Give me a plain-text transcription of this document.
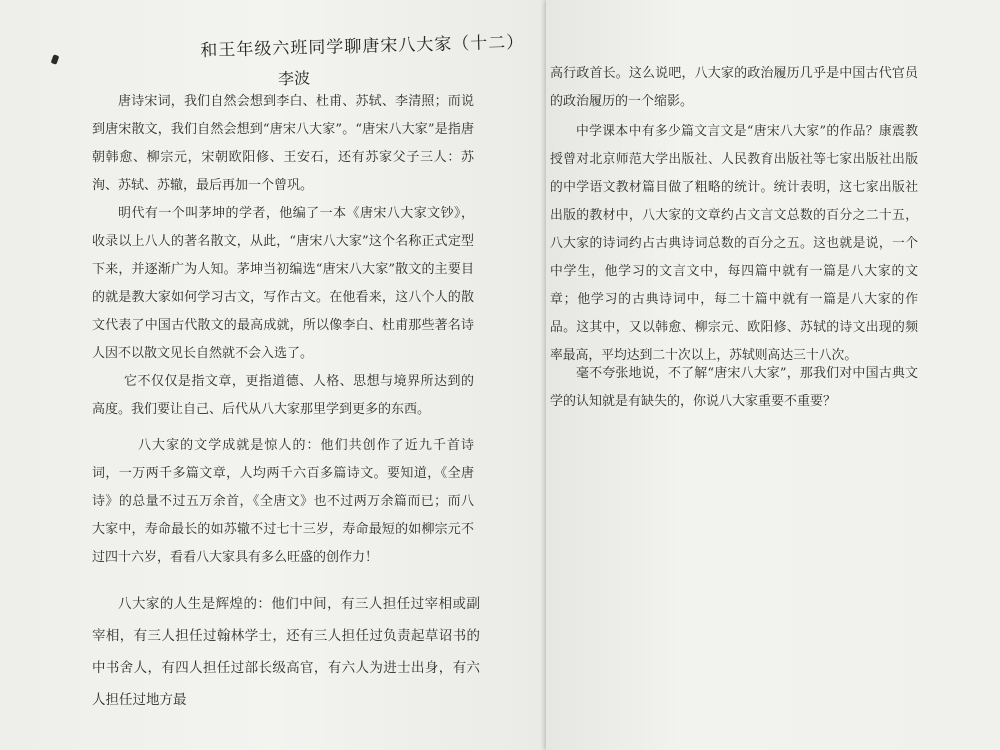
和王年级六班同学聊唐宋八大家（十二）
李波

唐诗宋词，我们自然会想到李白、杜甫、苏轼、李清照；而说到唐宋散文，我们自然会想到“唐宋八大家”。“唐宋八大家”是指唐朝韩愈、柳宗元，宋朝欧阳修、王安石，还有苏家父子三人：苏洵、苏轼、苏辙，最后再加一个曾巩。

明代有一个叫茅坤的学者，他编了一本《唐宋八大家文钞》，收录以上八人的著名散文，从此，“唐宋八大家”这个名称正式定型下来，并逐渐广为人知。茅坤当初编选“唐宋八大家”散文的主要目的就是教大家如何学习古文，写作古文。在他看来，这八个人的散文代表了中国古代散文的最高成就，所以像李白、杜甫那些著名诗人因不以散文见长自然就不会入选了。

它不仅仅是指文章，更指道德、人格、思想与境界所达到的高度。我们要让自己、后代从八大家那里学到更多的东西。

八大家的文学成就是惊人的：他们共创作了近九千首诗词，一万两千多篇文章，人均两千六百多篇诗文。要知道，《全唐诗》的总量不过五万余首，《全唐文》也不过两万余篇而已；而八大家中，寿命最长的如苏辙不过七十三岁，寿命最短的如柳宗元不过四十六岁，看看八大家具有多么旺盛的创作力！

八大家的人生是辉煌的：他们中间，有三人担任过宰相或副宰相，有三人担任过翰林学士，还有三人担任过负责起草诏书的中书舍人，有四人担任过部长级高官，有六人为进士出身，有六人担任过地方最

高行政首长。这么说吧，八大家的政治履历几乎是中国古代官员的政治履历的一个缩影。

中学课本中有多少篇文言文是“唐宋八大家”的作品？康震教授曾对北京师范大学出版社、人民教育出版社等七家出版社出版的中学语文教材篇目做了粗略的统计。统计表明，这七家出版社出版的教材中，八大家的文章约占文言文总数的百分之二十五，八大家的诗词约占古典诗词总数的百分之五。这也就是说，一个中学生，他学习的文言文中，每四篇中就有一篇是八大家的文章；他学习的古典诗词中，每二十篇中就有一篇是八大家的作品。这其中，又以韩愈、柳宗元、欧阳修、苏轼的诗文出现的频率最高，平均达到二十次以上，苏轼则高达三十八次。

毫不夸张地说，不了解“唐宋八大家”，那我们对中国古典文学的认知就是有缺失的，你说八大家重要不重要？
